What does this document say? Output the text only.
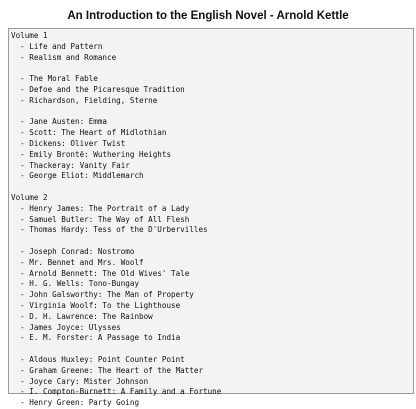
An Introduction to the English Novel - Arnold Kettle
Volume 1
- Life and Pattern
- Realism and Romance
- The Moral Fable
- Defoe and the Picaresque Tradition
- Richardson, Fielding, Sterne
- Jane Austen: Emma
- Scott: The Heart of Midlothian
- Dickens: Oliver Twist
- Emily Brontë: Wuthering Heights
- Thackeray: Vanity Fair
- George Eliot: Middlemarch
Volume 2
- Henry James: The Portrait of a Lady
- Samuel Butler: The Way of All Flesh
- Thomas Hardy: Tess of the D'Urbervilles
- Joseph Conrad: Nostromo
- Mr. Bennet and Mrs. Woolf
- Arnold Bennett: The Old Wives' Tale
- H. G. Wells: Tono-Bungay
- John Galsworthy: The Man of Property
- Virginia Woolf: To the Lighthouse
- D. H. Lawrence: The Rainbow
- James Joyce: Ulysses
- E. M. Forster: A Passage to India
- Aldous Huxley: Point Counter Point
- Graham Greene: The Heart of the Matter
- Joyce Cary: Mister Johnson
- I. Compton-Burnett: A Family and a Fortune
- Henry Green: Party Going
